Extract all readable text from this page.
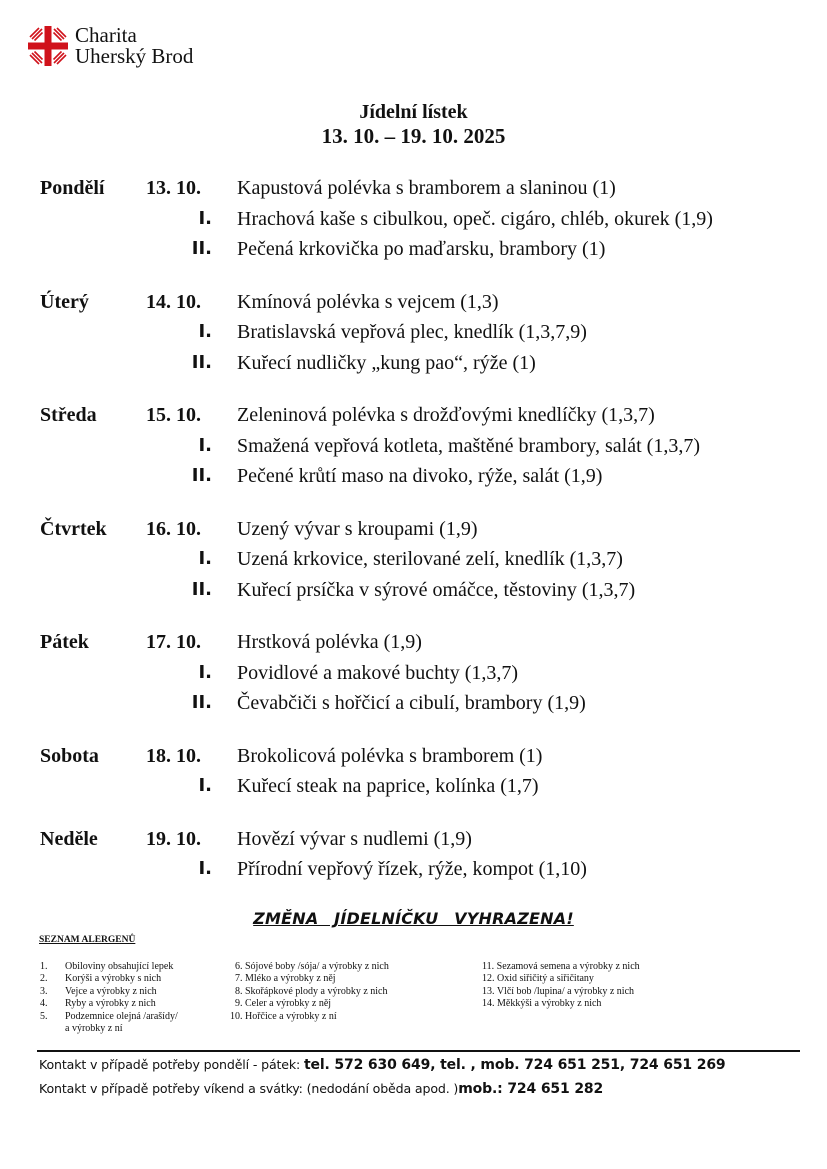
Charita
Uherský Brod
Jídelní lístek
13. 10. – 19. 10. 2025
Pondělí	13. 10. Kapustová polévka s bramborem a slaninou (1)
I. Hrachová kaše s cibulkou, opeč. cigáro, chléb, okurek (1,9)
II. Pečená krkovička po maďarsku, brambory (1)
Úterý	14. 10. Kmínová polévka s vejcem (1,3)
I. Bratislavská vepřová plec, knedlík (1,3,7,9)
II. Kuřecí nudličky „kung pao“, rýže (1)
Středa	15. 10. Zeleninová polévka s drožďovými knedlíčky (1,3,7)
I. Smažená vepřová kotleta, maštěné brambory, salát (1,3,7)
II. Pečené krůtí maso na divoko, rýže, salát (1,9)
Čtvrtek	16. 10. Uzený vývar s kroupami (1,9)
I. Uzená krkovice, sterilované zelí, knedlík (1,3,7)
II. Kuřecí prsíčka v sýrové omáčce, těstoviny (1,3,7)
Pátek	17. 10. Hrstková polévka (1,9)
I. Povidlové a makové buchty (1,3,7)
II. Čevabčiči s hořčicí a cibulí, brambory (1,9)
Sobota	18. 10. Brokolicová polévka s bramborem (1)
I. Kuřecí steak na paprice, kolínka (1,7)
Neděle	19. 10. Hovězí vývar s nudlemi (1,9)
I. Přírodní vepřový řízek, rýže, kompot (1,10)
ZMĚNA JÍDELNÍČKU VYHRAZENA!
SEZNAM ALERGENŮ
1. Obiloviny obsahující lepek
2. Korýši a výrobky s nich
3. Vejce a výrobky z nich
4. Ryby a výrobky z nich
5. Podzemnice olejná /arašídy/
a výrobky z ní
6. Sójové boby /sója/ a výrobky z nich
7. Mléko a výrobky z něj
8. Skořápkové plody a výrobky z nich
9. Celer a výrobky z něj
10. Hořčice a výrobky z ní
11. Sezamová semena a výrobky z nich
12. Oxid siřičitý a siřičitany
13. Vlčí bob /lupina/ a výrobky z nich
14. Měkkýši a výrobky z nich
Kontakt v případě potřeby pondělí - pátek: tel. 572 630 649, tel. , mob. 724 651 251, 724 651 269
Kontakt v případě potřeby víkend a svátky: (nedodání oběda apod. )mob.: 724 651 282
